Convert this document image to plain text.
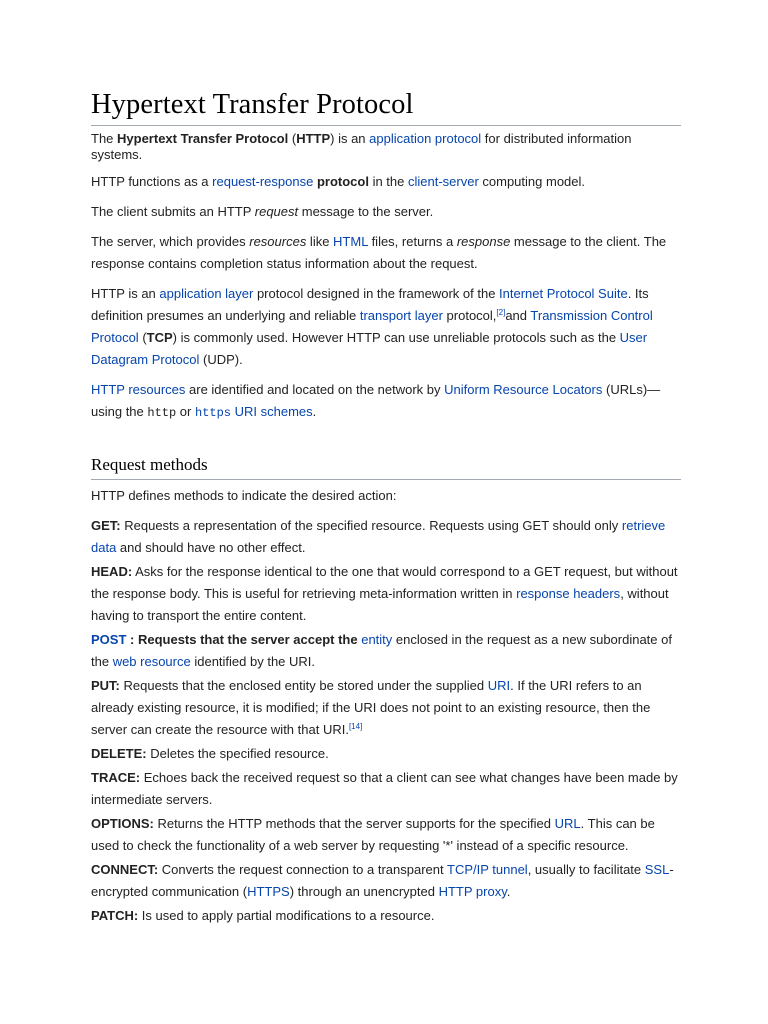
Hypertext Transfer Protocol

The Hypertext Transfer Protocol (HTTP) is an application protocol for distributed information systems.

HTTP functions as a request-response protocol in the client-server computing model.

The client submits an HTTP request message to the server.

The server, which provides resources like HTML files, returns a response message to the client. The response contains completion status information about the request.

HTTP is an application layer protocol designed in the framework of the Internet Protocol Suite. Its definition presumes an underlying and reliable transport layer protocol,[2]and Transmission Control Protocol (TCP) is commonly used. However HTTP can use unreliable protocols such as the User Datagram Protocol (UDP).

HTTP resources are identified and located on the network by Uniform Resource Locators (URLs)—using the http or https URI schemes.

Request methods

HTTP defines methods to indicate the desired action:

GET: Requests a representation of the specified resource. Requests using GET should only retrieve data and should have no other effect.

HEAD: Asks for the response identical to the one that would correspond to a GET request, but without the response body. This is useful for retrieving meta-information written in response headers, without having to transport the entire content.

POST : Requests that the server accept the entity enclosed in the request as a new subordinate of the web resource identified by the URI.

PUT: Requests that the enclosed entity be stored under the supplied URI. If the URI refers to an already existing resource, it is modified; if the URI does not point to an existing resource, then the server can create the resource with that URI.[14]

DELETE: Deletes the specified resource.

TRACE: Echoes back the received request so that a client can see what changes have been made by intermediate servers.

OPTIONS: Returns the HTTP methods that the server supports for the specified URL. This can be used to check the functionality of a web server by requesting '*' instead of a specific resource.

CONNECT: Converts the request connection to a transparent TCP/IP tunnel, usually to facilitate SSL-encrypted communication (HTTPS) through an unencrypted HTTP proxy.

PATCH: Is used to apply partial modifications to a resource.
